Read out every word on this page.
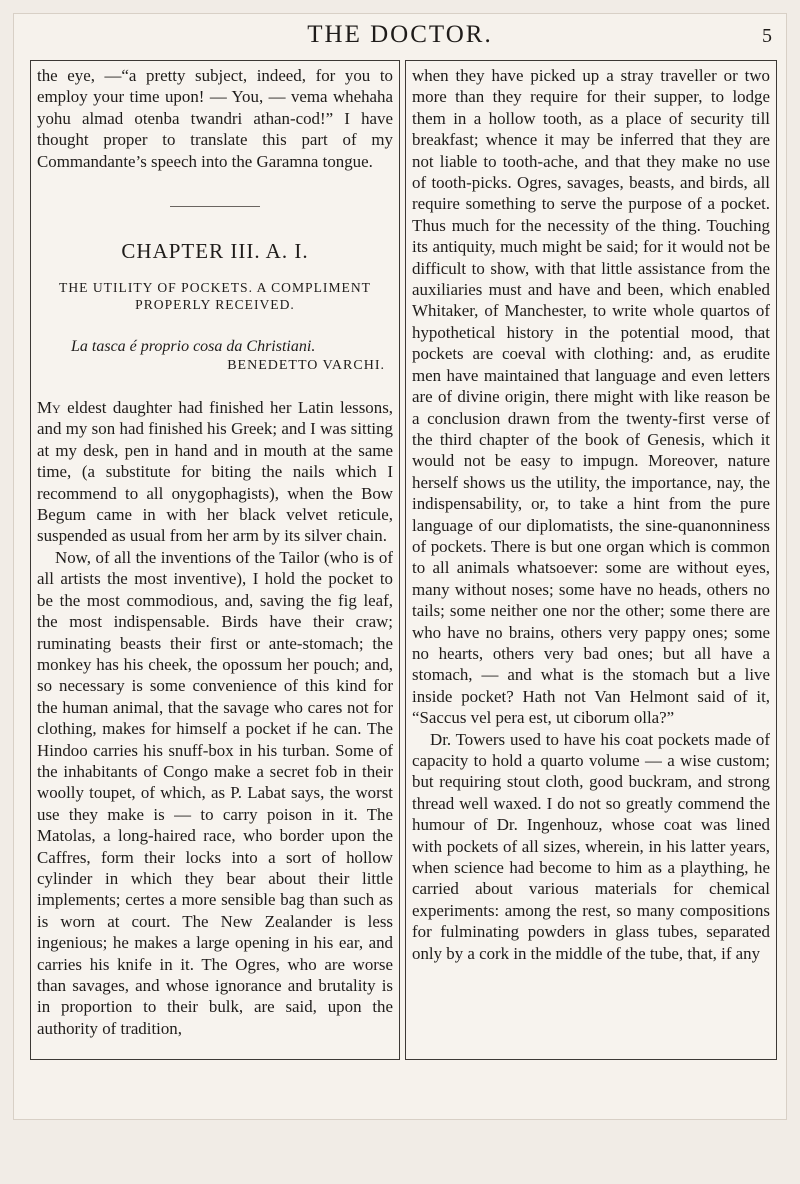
THE DOCTOR.	5

the eye, —“a pretty subject, indeed, for you to employ your time upon! — You, — vema whehaha yohu almad otenba twandri athan-cod!” I have thought proper to translate this part of my Commandante’s speech into the Garamna tongue.

CHAPTER III. A. I.
THE UTILITY OF POCKETS. A COMPLIMENT PROPERLY RECEIVED.
La tasca é proprio cosa da Christiani.
BENEDETTO VARCHI.

My eldest daughter had finished her Latin lessons, and my son had finished his Greek; and I was sitting at my desk, pen in hand and in mouth at the same time, (a substitute for biting the nails which I recommend to all onygophagists), when the Bow Begum came in with her black velvet reticule, suspended as usual from her arm by its silver chain.

Now, of all the inventions of the Tailor (who is of all artists the most inventive), I hold the pocket to be the most commodious, and, saving the fig leaf, the most indispensable. Birds have their craw; ruminating beasts their first or ante-stomach; the monkey has his cheek, the opossum her pouch; and, so necessary is some convenience of this kind for the human animal, that the savage who cares not for clothing, makes for himself a pocket if he can. The Hindoo carries his snuff-box in his turban. Some of the inhabitants of Congo make a secret fob in their woolly toupet, of which, as P. Labat says, the worst use they make is — to carry poison in it. The Matolas, a long-haired race, who border upon the Caffres, form their locks into a sort of hollow cylinder in which they bear about their little implements; certes a more sensible bag than such as is worn at court. The New Zealander is less ingenious; he makes a large opening in his ear, and carries his knife in it. The Ogres, who are worse than savages, and whose ignorance and brutality is in proportion to their bulk, are said, upon the authority of tradition,

when they have picked up a stray traveller or two more than they require for their supper, to lodge them in a hollow tooth, as a place of security till breakfast; whence it may be inferred that they are not liable to tooth-ache, and that they make no use of tooth-picks. Ogres, savages, beasts, and birds, all require something to serve the purpose of a pocket. Thus much for the necessity of the thing. Touching its antiquity, much might be said; for it would not be difficult to show, with that little assistance from the auxiliaries must and have and been, which enabled Whitaker, of Manchester, to write whole quartos of hypothetical history in the potential mood, that pockets are coeval with clothing: and, as erudite men have maintained that language and even letters are of divine origin, there might with like reason be a conclusion drawn from the twenty-first verse of the third chapter of the book of Genesis, which it would not be easy to impugn. Moreover, nature herself shows us the utility, the importance, nay, the indispensability, or, to take a hint from the pure language of our diplomatists, the sine-quanonniness of pockets. There is but one organ which is common to all animals whatsoever: some are without eyes, many without noses; some have no heads, others no tails; some neither one nor the other; some there are who have no brains, others very pappy ones; some no hearts, others very bad ones; but all have a stomach, — and what is the stomach but a live inside pocket? Hath not Van Helmont said of it, “Saccus vel pera est, ut ciborum olla?”

Dr. Towers used to have his coat pockets made of capacity to hold a quarto volume — a wise custom; but requiring stout cloth, good buckram, and strong thread well waxed. I do not so greatly commend the humour of Dr. Ingenhouz, whose coat was lined with pockets of all sizes, wherein, in his latter years, when science had become to him as a plaything, he carried about various materials for chemical experiments: among the rest, so many compositions for fulminating powders in glass tubes, separated only by a cork in the middle of the tube, that, if any
